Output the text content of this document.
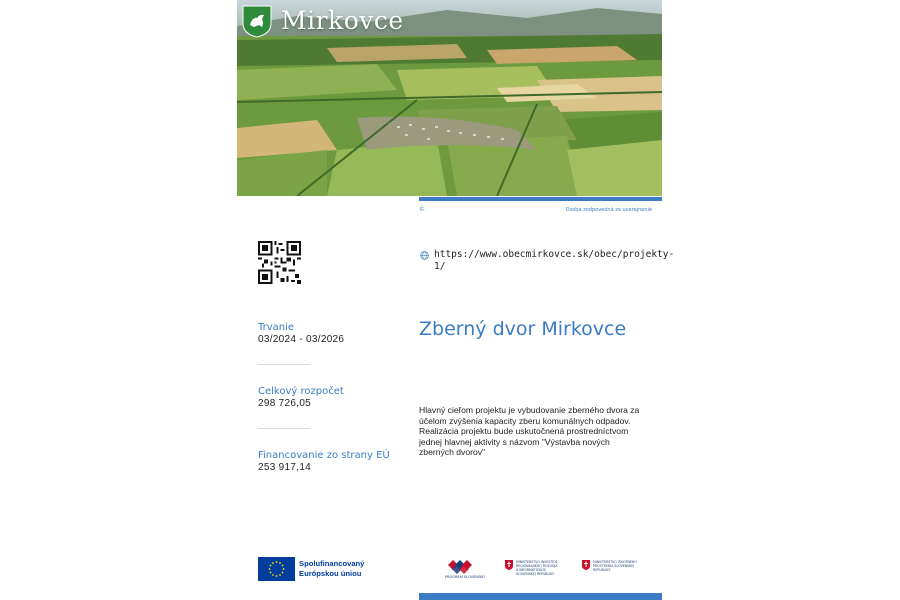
Mirkovce
©	Osoba zodpovedná za uverejnenie
https://www.obecmirkovce.sk/obec/projekty-1/
Trvanie
03/2024 - 03/2026
Celkový rozpočet
298 726,05
Financovanie zo strany EÚ
253 917,14
Zberný dvor Mirkovce
Hlavný cieľom projektu je vybudovanie zberného dvora za účelom zvýšenia kapacity zberu komunálnych odpadov. Realizácia projektu bude uskutočnená prostredníctvom jednej hlavnej aktivity s názvom "Výstavba nových zberných dvorov"
Spolufinancovaný
Európskou úniou	PROGRAM SLOVENSKO
MINISTERSTVO INVESTÍCIÍ, REGIONÁLNEHO ROZVOJA A INFORMATIZÁCIE SLOVENSKEJ REPUBLIKY
MINISTERSTVO ŽIVOTNÉHO PROSTREDIA SLOVENSKEJ REPUBLIKY
